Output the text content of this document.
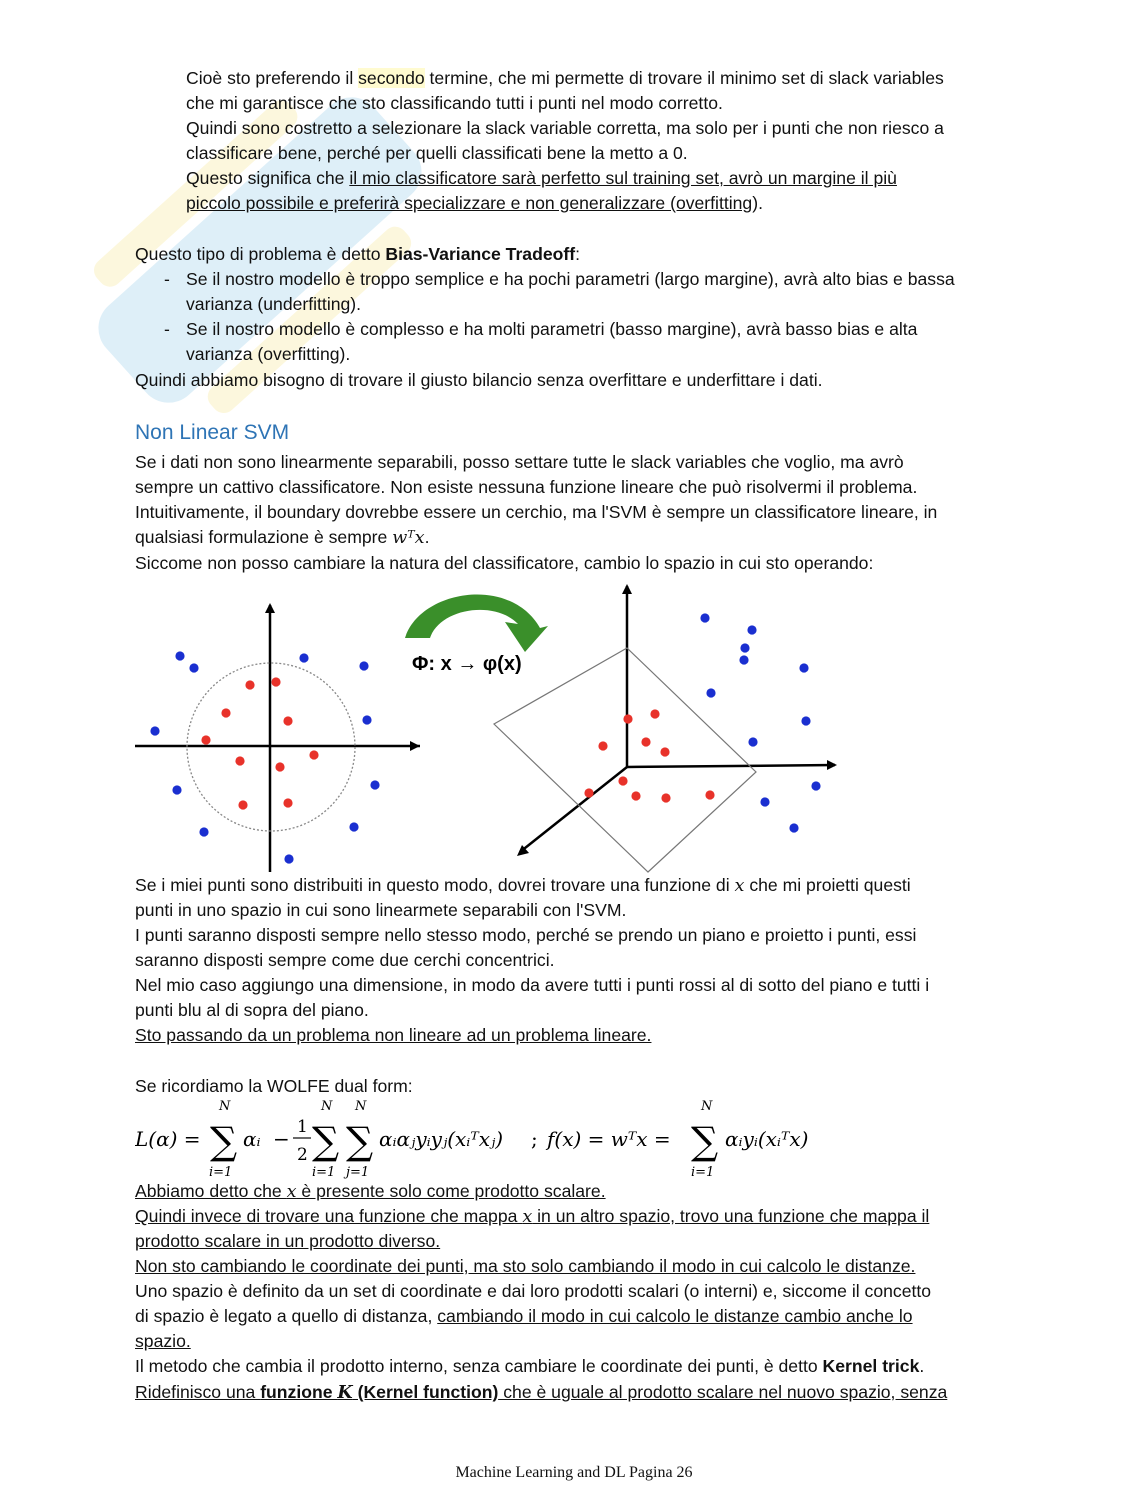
Cioè sto preferendo il secondo termine, che mi permette di trovare il minimo set di slack variables
che mi garantisce che sto classificando tutti i punti nel modo corretto.
Quindi sono costretto a selezionare la slack variable corretta, ma solo per i punti che non riesco a
classificare bene, perché per quelli classificati bene la metto a 0.
Questo significa che il mio classificatore sarà perfetto sul training set, avrò un margine il più
piccolo possibile e preferirà specializzare e non generalizzare (overfitting).
Questo tipo di problema è detto Bias-Variance Tradeoff:
- Se il nostro modello è troppo semplice e ha pochi parametri (largo margine), avrà alto bias e bassa
varianza (underfitting).
- Se il nostro modello è complesso e ha molti parametri (basso margine), avrà basso bias e alta
varianza (overfitting).
Quindi abbiamo bisogno di trovare il giusto bilancio senza overfittare e underfittare i dati.
Non Linear SVM
Se i dati non sono linearmente separabili, posso settare tutte le slack variables che voglio, ma avrò
sempre un cattivo classificatore. Non esiste nessuna funzione lineare che può risolvermi il problema.
Intuitivamente, il boundary dovrebbe essere un cerchio, ma l'SVM è sempre un classificatore lineare, in
qualsiasi formulazione è sempre wᵀx.
Siccome non posso cambiare la natura del classificatore, cambio lo spazio in cui sto operando:
Φ: x → φ(x)
Se i miei punti sono distribuiti in questo modo, dovrei trovare una funzione di x che mi proietti questi
punti in uno spazio in cui sono linearmete separabili con l'SVM.
I punti saranno disposti sempre nello stesso modo, perché se prendo un piano e proietto i punti, essi
saranno disposti sempre come due cerchi concentrici.
Nel mio caso aggiungo una dimensione, in modo da avere tutti i punti rossi al di sotto del piano e tutti i
punti blu al di sopra del piano.
Sto passando da un problema non lineare ad un problema lineare.
Se ricordiamo la WOLFE dual form:
L(α) =
N
∑
i=1
αᵢ − 1
2
N
∑
i=1
N
∑
j=1
αᵢαⱼyᵢyⱼ(xᵢᵀxⱼ) ; f(x) = wᵀx =
N
∑
i=1
αᵢyᵢ(xᵢᵀx)
Abbiamo detto che x è presente solo come prodotto scalare.
Quindi invece di trovare una funzione che mappa x in un altro spazio, trovo una funzione che mappa il
prodotto scalare in un prodotto diverso.
Non sto cambiando le coordinate dei punti, ma sto solo cambiando il modo in cui calcolo le distanze.
Uno spazio è definito da un set di coordinate e dai loro prodotti scalari (o interni) e, siccome il concetto
di spazio è legato a quello di distanza, cambiando il modo in cui calcolo le distanze cambio anche lo
spazio.
Il metodo che cambia il prodotto interno, senza cambiare le coordinate dei punti, è detto Kernel trick.
Ridefinisco una funzione K (Kernel function) che è uguale al prodotto scalare nel nuovo spazio, senza
Machine Learning and DL Pagina 26
